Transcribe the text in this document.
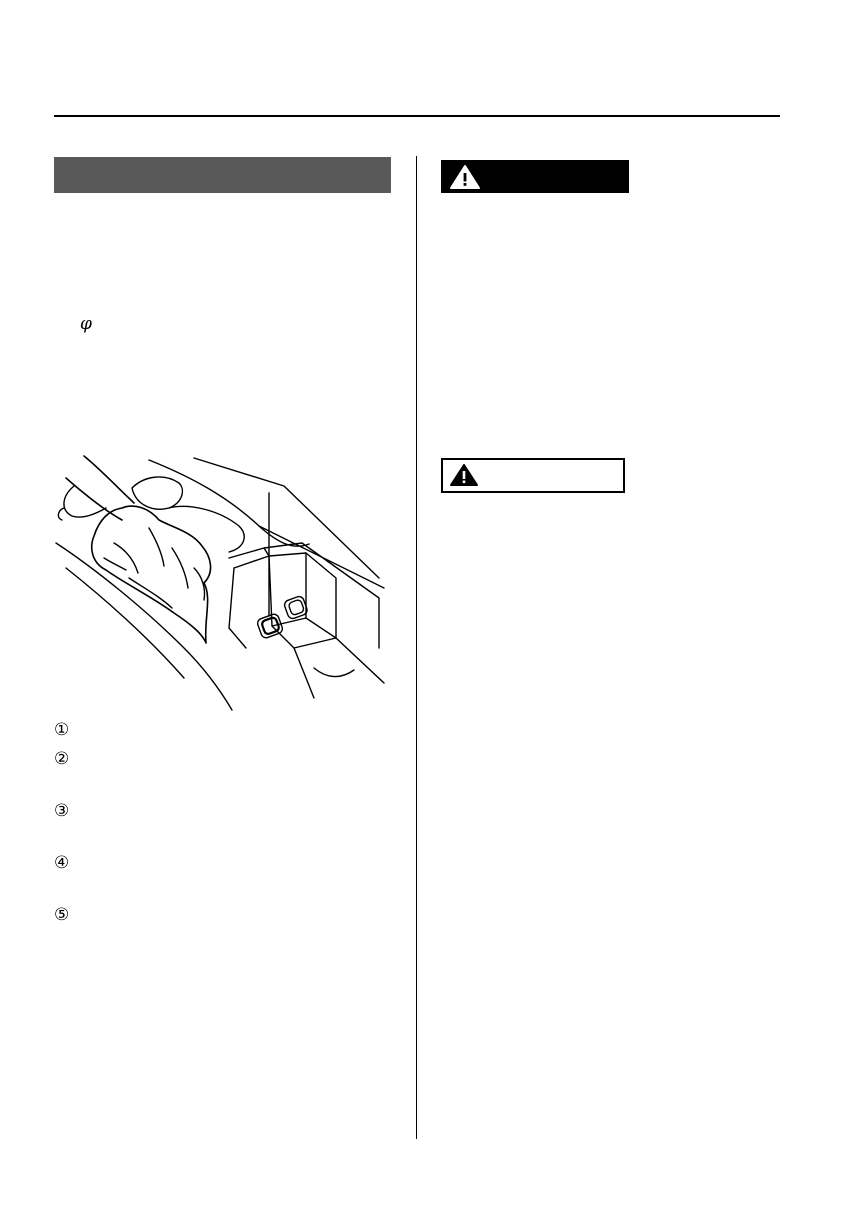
φ
①
②
③
④
⑤
